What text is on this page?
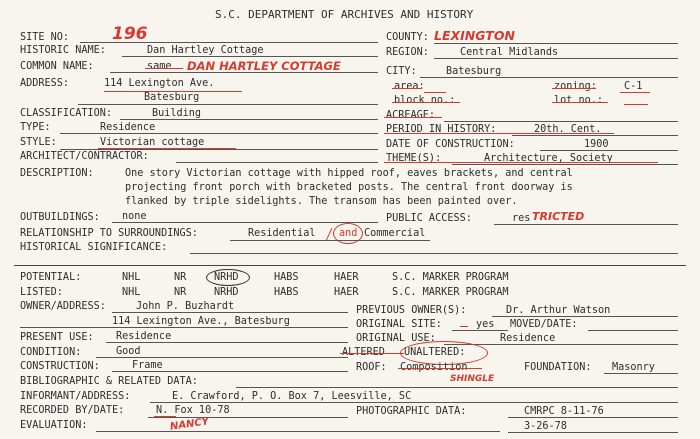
S.C. DEPARTMENT OF ARCHIVES AND HISTORY
SITE NO:	196
HISTORIC NAME:	Dan Hartley Cottage
COMMON NAME:	same DAN HARTLEY COTTAGE
ADDRESS:	114 Lexington Ave.
Batesburg
CLASSIFICATION:	Building
TYPE:	Residence
STYLE:	Victorian cottage
ARCHITECT/CONTRACTOR:
COUNTY: LEXINGTON
REGION:	Central Midlands
CITY:	Batesburg
area:	zoning:	C-1
block no.:	lot no.:
ACREAGE:
PERIOD IN HISTORY:	20th. Cent.
DATE OF CONSTRUCTION:	1900
THEME(S):	Architecture, Society
DESCRIPTION:	One story Victorian cottage with hipped roof, eaves brackets, and central
projecting front porch with bracketed posts. The central front doorway is
flanked by triple sidelights. The transom has been painted over.
OUTBUILDINGS: none	PUBLIC ACCESS:	res TRICTED
RELATIONSHIP TO SURROUNDINGS:	Residential and Commercial
HISTORICAL SIGNIFICANCE:
POTENTIAL:	NHL	NR	NRHD	HABS	HAER	S.C. MARKER PROGRAM
LISTED:	NHL	NR	NRHD	HABS	HAER	S.C. MARKER PROGRAM
OWNER/ADDRESS:	John P. Buzhardt
114 Lexington Ave., Batesburg
PREVIOUS OWNER(S):	Dr. Arthur Watson
ORIGINAL SITE:	yes MOVED/DATE:
ORIGINAL USE:	Residence
PRESENT USE: Residence
CONDITION:	Good	ALTERED UNALTERED:
CONSTRUCTION:	Frame	ROOF: Composition
SHINGLE
FOUNDATION: Masonry
BIBLIOGRAPHIC & RELATED DATA:
INFORMANT/ADDRESS:	E. Crawford, P. O. Box 7, Leesville, SC
RECORDED BY/DATE:	N. Fox 10-78
NANCY
PHOTOGRAPHIC DATA:	CMRPC 8-11-76
3-26-78
EVALUATION:
